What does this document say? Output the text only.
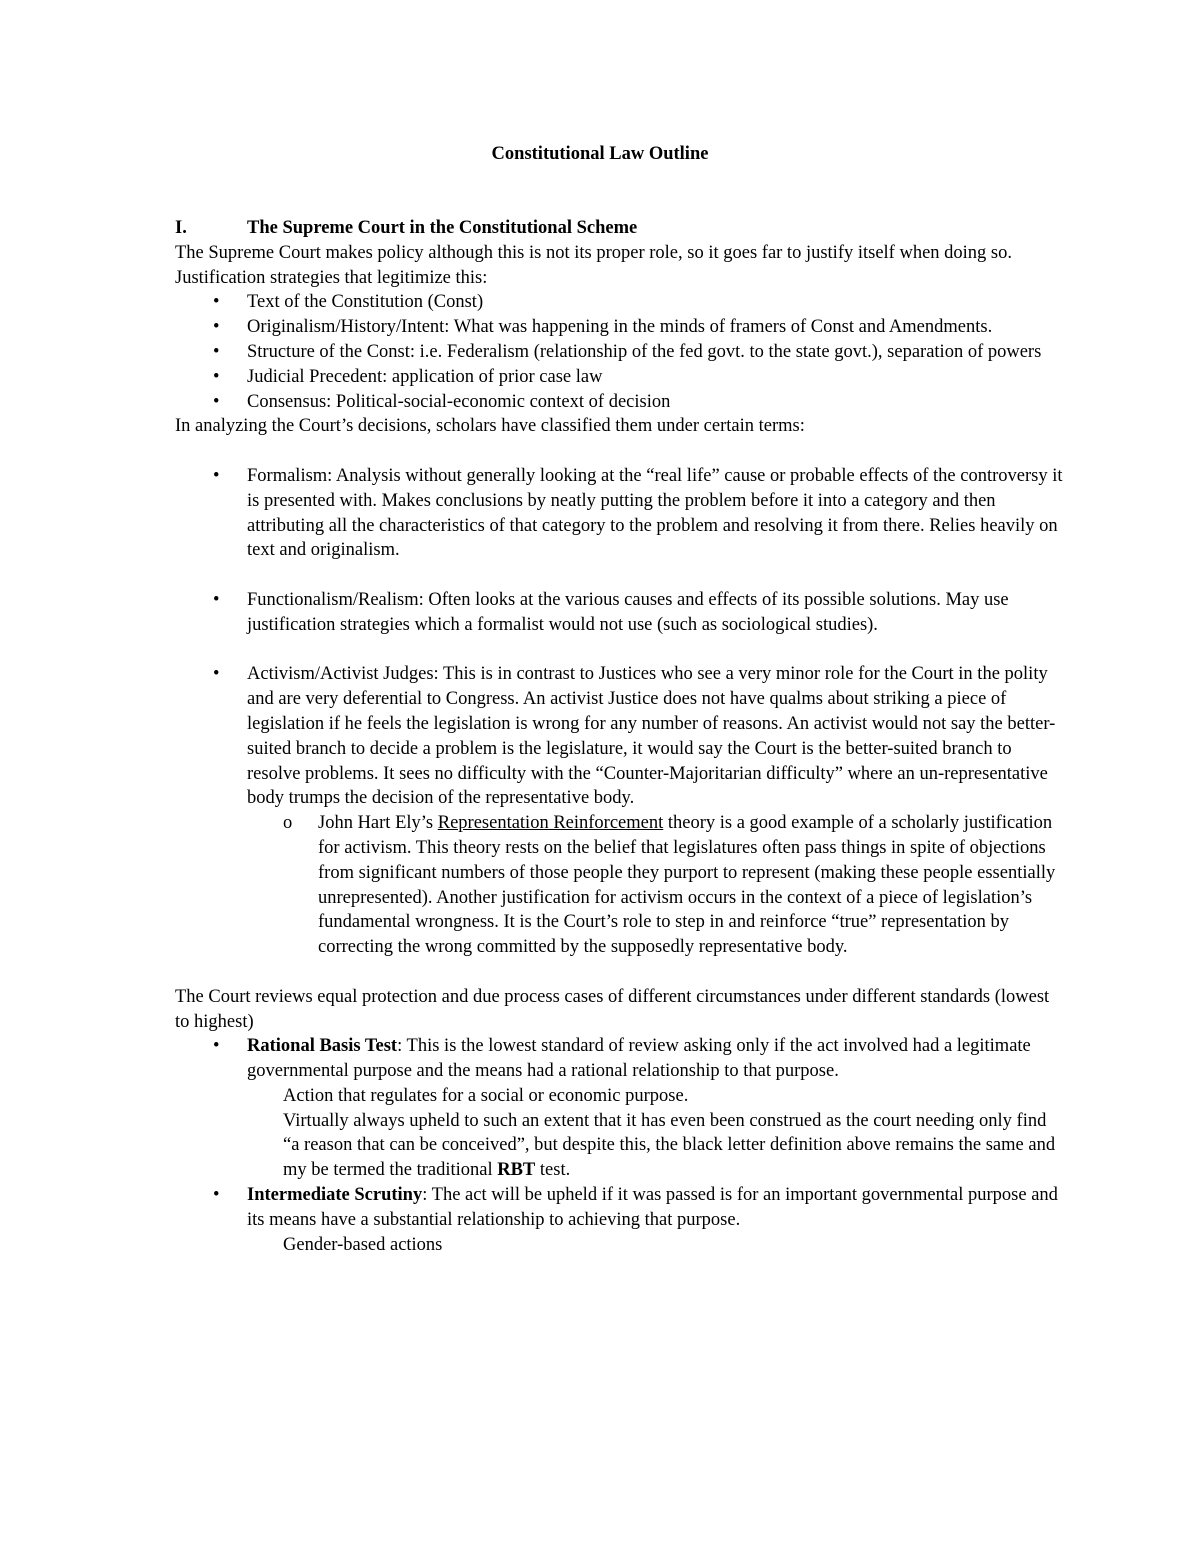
Constitutional Law Outline

I.	The Supreme Court in the Constitutional Scheme

The Supreme Court makes policy although this is not its proper role, so it goes far to justify itself when doing so. Justification strategies that legitimize this:

• Text of the Constitution (Const)
• Originalism/History/Intent: What was happening in the minds of framers of Const and Amendments.
• Structure of the Const: i.e. Federalism (relationship of the fed govt. to the state govt.), separation of powers
• Judicial Precedent: application of prior case law
• Consensus: Political-social-economic context of decision

In analyzing the Court’s decisions, scholars have classified them under certain terms:

• Formalism: Analysis without generally looking at the “real life” cause or probable effects of the controversy it is presented with. Makes conclusions by neatly putting the problem before it into a category and then attributing all the characteristics of that category to the problem and resolving it from there. Relies heavily on text and originalism.
• Functionalism/Realism: Often looks at the various causes and effects of its possible solutions. May use justification strategies which a formalist would not use (such as sociological studies).
• Activism/Activist Judges: This is in contrast to Justices who see a very minor role for the Court in the polity and are very deferential to Congress. An activist Justice does not have qualms about striking a piece of legislation if he feels the legislation is wrong for any number of reasons. An activist would not say the better-suited branch to decide a problem is the legislature, it would say the Court is the better-suited branch to resolve problems. It sees no difficulty with the “Counter-Majoritarian difficulty” where an un-representative body trumps the decision of the representative body.
o John Hart Ely’s Representation Reinforcement theory is a good example of a scholarly justification for activism. This theory rests on the belief that legislatures often pass things in spite of objections from significant numbers of those people they purport to represent (making these people essentially unrepresented). Another justification for activism occurs in the context of a piece of legislation’s fundamental wrongness. It is the Court’s role to step in and reinforce “true” representation by correcting the wrong committed by the supposedly representative body.

The Court reviews equal protection and due process cases of different circumstances under different standards (lowest to highest)

• Rational Basis Test: This is the lowest standard of review asking only if the act involved had a legitimate governmental purpose and the means had a rational relationship to that purpose.
Action that regulates for a social or economic purpose.
Virtually always upheld to such an extent that it has even been construed as the court needing only find “a reason that can be conceived”, but despite this, the black letter definition above remains the same and my be termed the traditional RBT test.
• Intermediate Scrutiny: The act will be upheld if it was passed is for an important governmental purpose and its means have a substantial relationship to achieving that purpose.
Gender-based actions
